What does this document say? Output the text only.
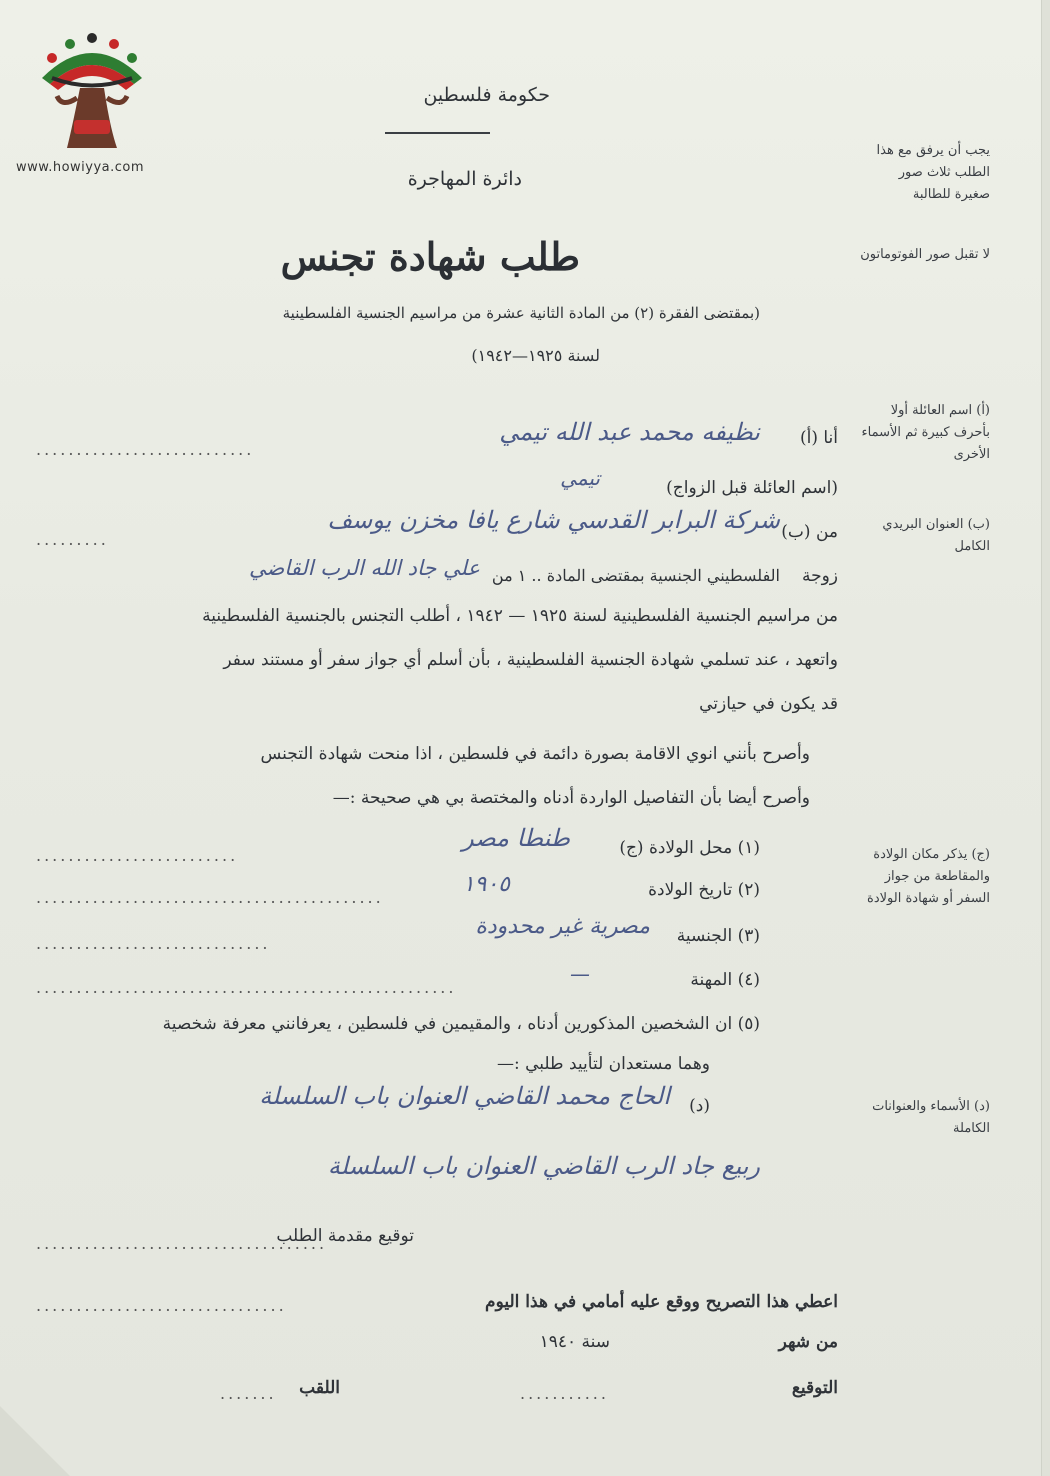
www.howiyya.com
حكومة فلسطين
دائرة المهاجرة
طلب شهادة تجنس
(بمقتضى الفقرة (٢) من المادة الثانية عشرة من مراسيم الجنسية الفلسطينية
لسنة ١٩٢٥—١٩٤٢)
يجب أن يرفق مع هذا الطلب ثلاث صور صغيرة للطالبة
لا تقبل صور الفوتوماتون
(أ) اسم العائلة أولا بأحرف كبيرة ثم الأسماء الأخرى
(ب) العنوان البريدي الكامل
(ج) يذكر مكان الولادة والمقاطعة من جواز السفر أو شهادة الولادة
(د) الأسماء والعنوانات الكاملة
أنا (أ)
نظيفه محمد عبد الله تيمي
...........................
(اسم العائلة قبل الزواج)
تيمي
من (ب)
شركة البرابر القدسي شارع يافا مخزن يوسف
.........
زوجة
علي جاد الله الرب القاضي الفلسطيني الجنسية بمقتضى المادة .. ١ من
من مراسيم الجنسية الفلسطينية لسنة ١٩٢٥ — ١٩٤٢ ، أطلب التجنس بالجنسية الفلسطينية
واتعهد ، عند تسلمي شهادة الجنسية الفلسطينية ، بأن أسلم أي جواز سفر أو مستند سفر
قد يكون في حيازتي
وأصرح بأنني انوي الاقامة بصورة دائمة في فلسطين ، اذا منحت شهادة التجنس
وأصرح أيضا بأن التفاصيل الواردة أدناه والمختصة بي هي صحيحة :—
(١) محل الولادة (ج)
طنطا مصر
.........................
(٢) تاريخ الولادة
١٩٠٥
...........................................
(٣) الجنسية
مصرية غير محدودة
.............................
(٤) المهنة
—
....................................................
(٥) ان الشخصين المذكورين أدناه ، والمقيمين في فلسطين ، يعرفانني معرفة شخصية
وهما مستعدان لتأييد طلبي :—
(د)
الحاج محمد القاضي العنوان باب السلسلة
ربيع جاد الرب القاضي العنوان باب السلسلة
توقيع مقدمة الطلب
....................................
اعطي هذا التصريح ووقع عليه أمامي في هذا اليوم
...............................
من شهر
سنة ١٩٤٠
التوقيع
...........
اللقب
.......
